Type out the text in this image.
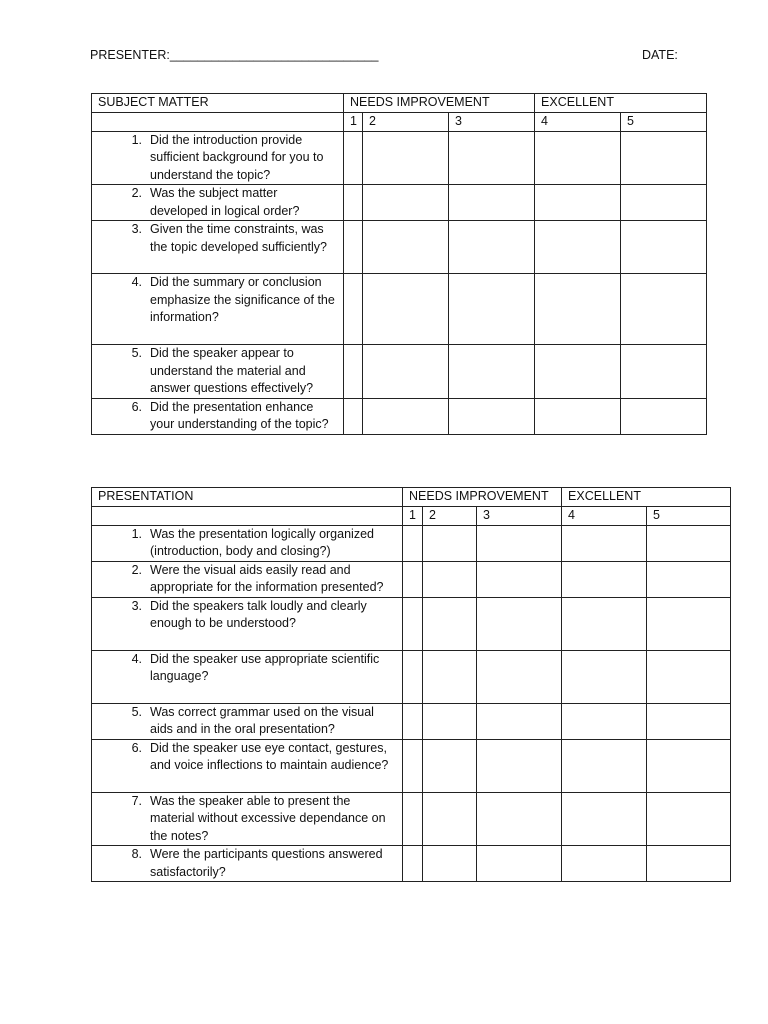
PRESENTER:______________________________	DATE:
SUBJECT MATTER	NEEDS IMPROVEMENT			EXCELLENT	
	1	2	3	4	5

1. Did the introduction provide sufficient background for you to understand the topic?					

2. Was the subject matter developed in logical order?					

3. Given the time constraints, was the topic developed sufficiently?					

4. Did the summary or conclusion emphasize the significance of the information?					

5. Did the speaker appear to understand the material and answer questions effectively?					

6. Did the presentation enhance your understanding of the topic?					

PRESENTATION	NEEDS IMPROVEMENT			EXCELLENT	
	1	2	3	4	5

1. Was the presentation logically organized (introduction, body and closing?)					

2. Were the visual aids easily read and appropriate for the information presented?					

3. Did the speakers talk loudly and clearly enough to be understood?					

4. Did the speaker use appropriate scientific language?					

5. Was correct grammar used on the visual aids and in the oral presentation?					

6. Did the speaker use eye contact, gestures, and voice inflections to maintain audience?					

7. Was the speaker able to present the material without excessive dependance on the notes?					

8. Were the participants questions answered satisfactorily?					
